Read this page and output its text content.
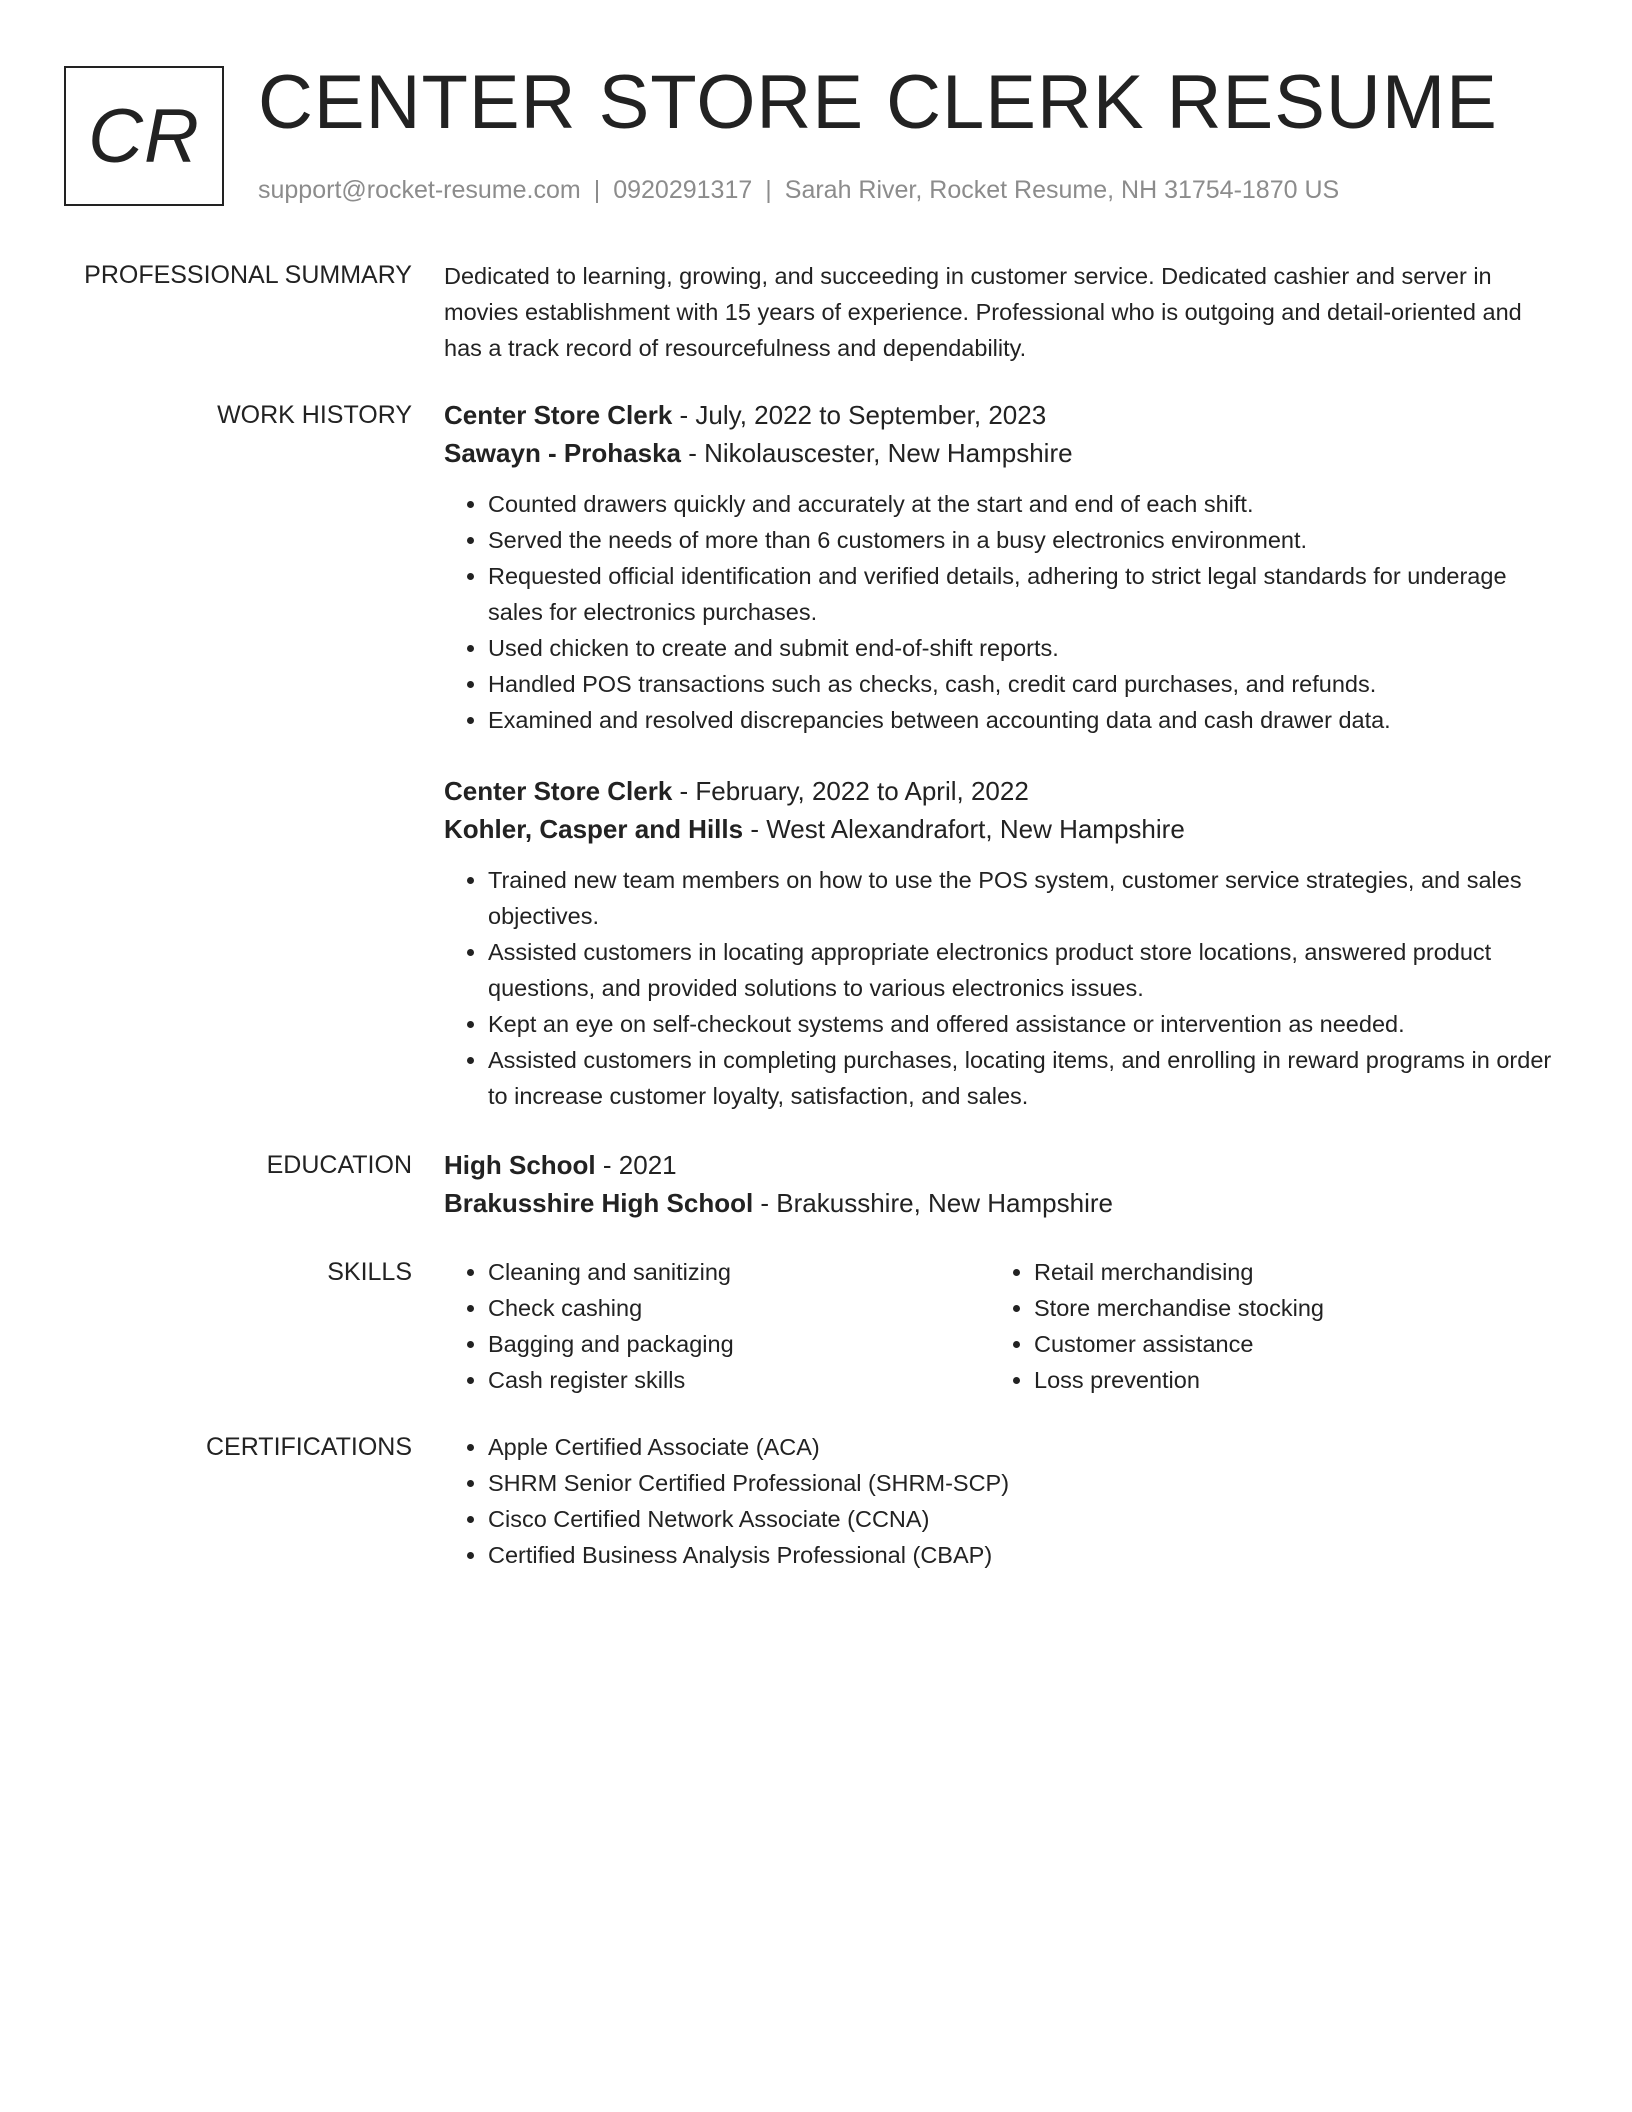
CR CENTER STORE CLERK RESUME
support@rocket-resume.com | 0920291317 | Sarah River, Rocket Resume, NH 31754-1870 US
PROFESSIONAL SUMMARY Dedicated to learning, growing, and succeeding in customer service. Dedicated cashier and server in movies establishment with 15 years of experience. Professional who is outgoing and detail-oriented and has a track record of resourcefulness and dependability.
WORK HISTORY Center Store Clerk - July, 2022 to September, 2023
Sawayn - Prohaska - Nikolauscester, New Hampshire
• Counted drawers quickly and accurately at the start and end of each shift.
• Served the needs of more than 6 customers in a busy electronics environment.
• Requested official identification and verified details, adhering to strict legal standards for underage sales for electronics purchases.
• Used chicken to create and submit end-of-shift reports.
• Handled POS transactions such as checks, cash, credit card purchases, and refunds.
• Examined and resolved discrepancies between accounting data and cash drawer data.
Center Store Clerk - February, 2022 to April, 2022
Kohler, Casper and Hills - West Alexandrafort, New Hampshire
• Trained new team members on how to use the POS system, customer service strategies, and sales objectives.
• Assisted customers in locating appropriate electronics product store locations, answered product questions, and provided solutions to various electronics issues.
• Kept an eye on self-checkout systems and offered assistance or intervention as needed.
• Assisted customers in completing purchases, locating items, and enrolling in reward programs in order to increase customer loyalty, satisfaction, and sales.
EDUCATION High School - 2021
Brakusshire High School - Brakusshire, New Hampshire
SKILLS	• Cleaning and sanitizing
• Check cashing
• Bagging and packaging
• Cash register skills
• Retail merchandising
• Store merchandise stocking
• Customer assistance
• Loss prevention
CERTIFICATIONS	• Apple Certified Associate (ACA)
• SHRM Senior Certified Professional (SHRM-SCP)
• Cisco Certified Network Associate (CCNA)
• Certified Business Analysis Professional (CBAP)
